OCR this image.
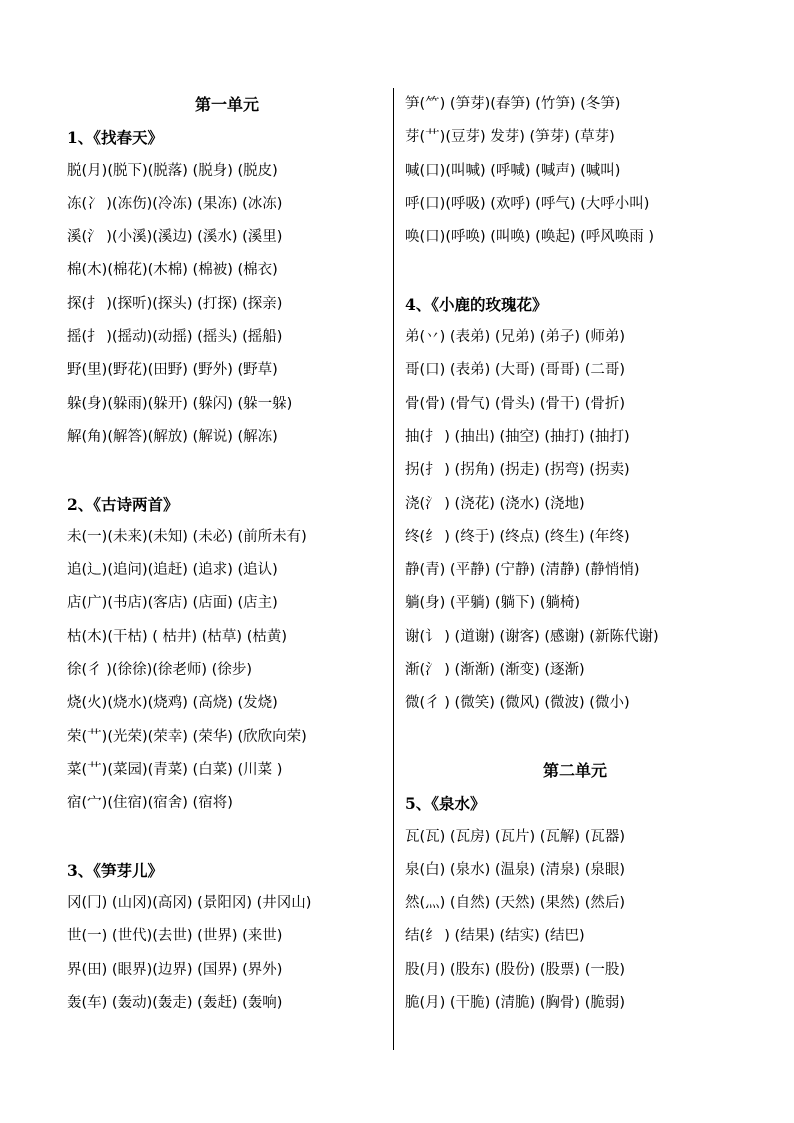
第一单元
1、《找春天》
脱(月)(脱下)(脱落) (脱身) (脱皮)
冻(冫 )(冻伤)(冷冻) (果冻) (冰冻)
溪(氵 )(小溪)(溪边) (溪水) (溪里)
棉(木)(棉花)(木棉) (棉被) (棉衣)
探(扌 )(探听)(探头) (打探) (探亲)
摇(扌 )(摇动)(动摇) (摇头) (摇船)
野(里)(野花)(田野) (野外) (野草)
躲(身)(躲雨)(躲开) (躲闪) (躲一躲)
解(角)(解答)(解放) (解说) (解冻)
2、《古诗两首》
未(一)(未来)(未知) (未必) (前所未有)
追(辶)(追问)(追赶) (追求) (追认)
店(广)(书店)(客店) (店面) (店主)
枯(木)(干枯) ( 枯井) (枯草) (枯黄)
徐(彳 )(徐徐)(徐老师) (徐步)
烧(火)(烧水)(烧鸡) (高烧) (发烧)
荣(艹)(光荣)(荣幸) (荣华) (欣欣向荣)
菜(艹)(菜园)(青菜) (白菜) (川菜 )
宿(宀)(住宿)(宿舍) (宿将)
3、《笋芽儿》
冈(冂) (山冈)(高冈) (景阳冈) (井冈山)
世(一) (世代)(去世) (世界) (来世)
界(田) (眼界)(边界) (国界) (界外)
轰(车) (轰动)(轰走) (轰赶) (轰响)
笋(⺮) (笋芽)(春笋) (竹笋) (冬笋)
芽(艹)(豆芽) 发芽) (笋芽) (草芽)
喊(口)(叫喊) (呼喊) (喊声) (喊叫)
呼(口)(呼吸) (欢呼) (呼气) (大呼小叫)
唤(口)(呼唤) (叫唤) (唤起) (呼风唤雨 )
4、《小鹿的玫瑰花》
弟(丷) (表弟) (兄弟) (弟子) (师弟)
哥(口) (表弟) (大哥) (哥哥) (二哥)
骨(骨) (骨气) (骨头) (骨干) (骨折)
抽(扌 ) (抽出) (抽空) (抽打) (抽打)
拐(扌 ) (拐角) (拐走) (拐弯) (拐卖)
浇(氵 ) (浇花) (浇水) (浇地)
终(纟 ) (终于) (终点) (终生) (年终)
静(青) (平静) (宁静) (清静) (静悄悄)
躺(身) (平躺) (躺下) (躺椅)
谢(讠 ) (道谢) (谢客) (感谢) (新陈代谢)
渐(氵 ) (渐渐) (渐变) (逐渐)
微(彳 ) (微笑) (微风) (微波) (微小)
第二单元
5、《泉水》
瓦(瓦) (瓦房) (瓦片) (瓦解) (瓦器)
泉(白) (泉水) (温泉) (清泉) (泉眼)
然(灬) (自然) (天然) (果然) (然后)
结(纟 ) (结果) (结实) (结巴)
股(月) (股东) (股份) (股票) (一股)
脆(月) (干脆) (清脆) (胸骨) (脆弱)
